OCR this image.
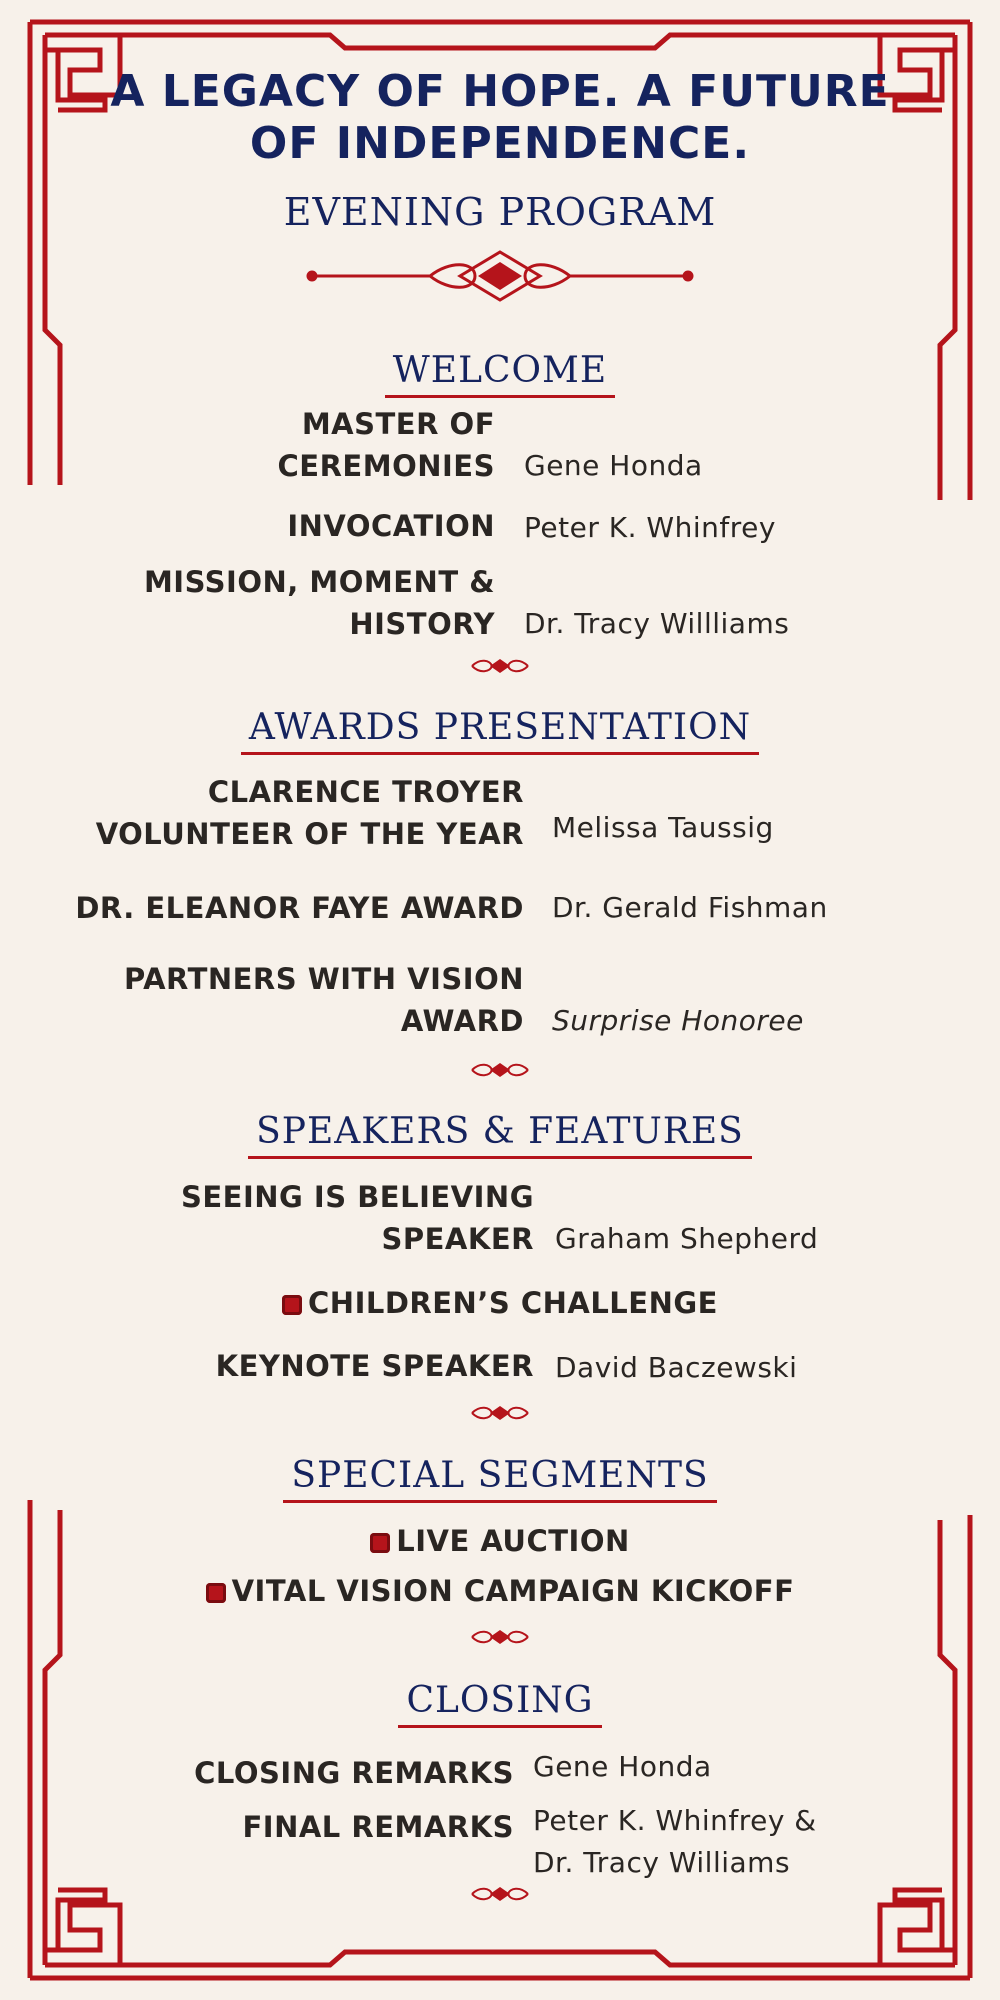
A LEGACY OF HOPE. A FUTURE OF INDEPENDENCE.
EVENING PROGRAM
WELCOME
MASTER OF CEREMONIES Gene Honda
INVOCATION Peter K. Whinfrey
MISSION, MOMENT & HISTORY Dr. Tracy Willliams
AWARDS PRESENTATION
CLARENCE TROYER VOLUNTEER OF THE YEAR Melissa Taussig
DR. ELEANOR FAYE AWARD Dr. Gerald Fishman
PARTNERS WITH VISION AWARD Surprise Honoree
SPEAKERS & FEATURES
SEEING IS BELIEVING SPEAKER Graham Shepherd
CHILDREN’S CHALLENGE
KEYNOTE SPEAKER David Baczewski
SPECIAL SEGMENTS
LIVE AUCTION
VITAL VISION CAMPAIGN KICKOFF
CLOSING
CLOSING REMARKS Gene Honda
FINAL REMARKS Peter K. Whinfrey & Dr. Tracy Williams
